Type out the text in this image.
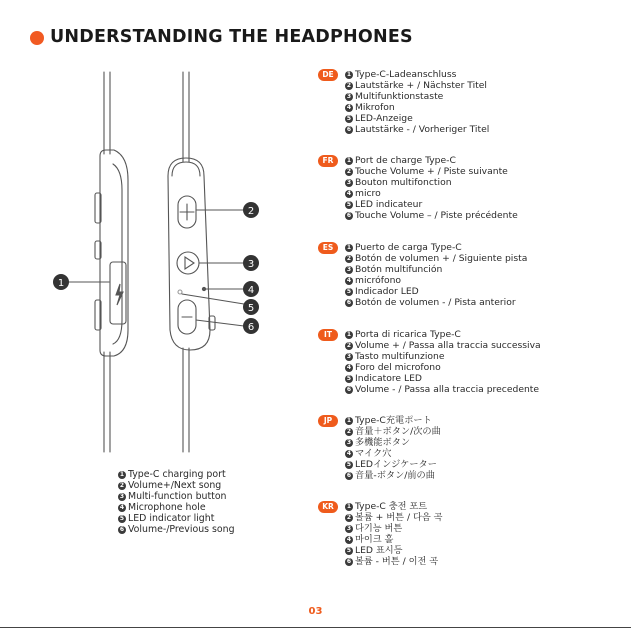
UNDERSTANDING THE HEADPHONES
1
2
3
4
5
6
1 Type-C charging port
2 Volume+/Next song
3 Multi-function button
4 Microphone hole
5 LED indicator light
6 Volume-/Previous song
DE	1 Type-C-Ladeanschluss
2 Lautstärke + / Nächster Titel
3 Multifunktionstaste
4 Mikrofon
5 LED-Anzeige
6 Lautstärke - / Vorheriger Titel
FR	1 Port de charge Type-C
2 Touche Volume + / Piste suivante
3 Bouton multifonction
4 micro
5 LED indicateur
6 Touche Volume – / Piste précédente
ES	1 Puerto de carga Type-C
2 Botón de volumen + / Siguiente pista
3 Botón multifunción
4 micrófono
5 Indicador LED
6 Botón de volumen - / Pista anterior
IT	1 Porta di ricarica Type-C
2 Volume + / Passa alla traccia successiva
3 Tasto multifunzione
4 Foro del microfono
5 Indicatore LED
6 Volume - / Passa alla traccia precedente
JP	1 Type-C充電ポート
2 音量＋ボタン/次の曲
3 多機能ボタン
4 マイク穴
5 LEDインジケーター
6 音量-ボタン/前の曲
KR	1 Type-C 충전 포트
2 볼륨 + 버튼 / 다음 곡
3 다기능 버튼
4 마이크 홀
5 LED 표시등
6 볼륨 - 버튼 / 이전 곡
03
